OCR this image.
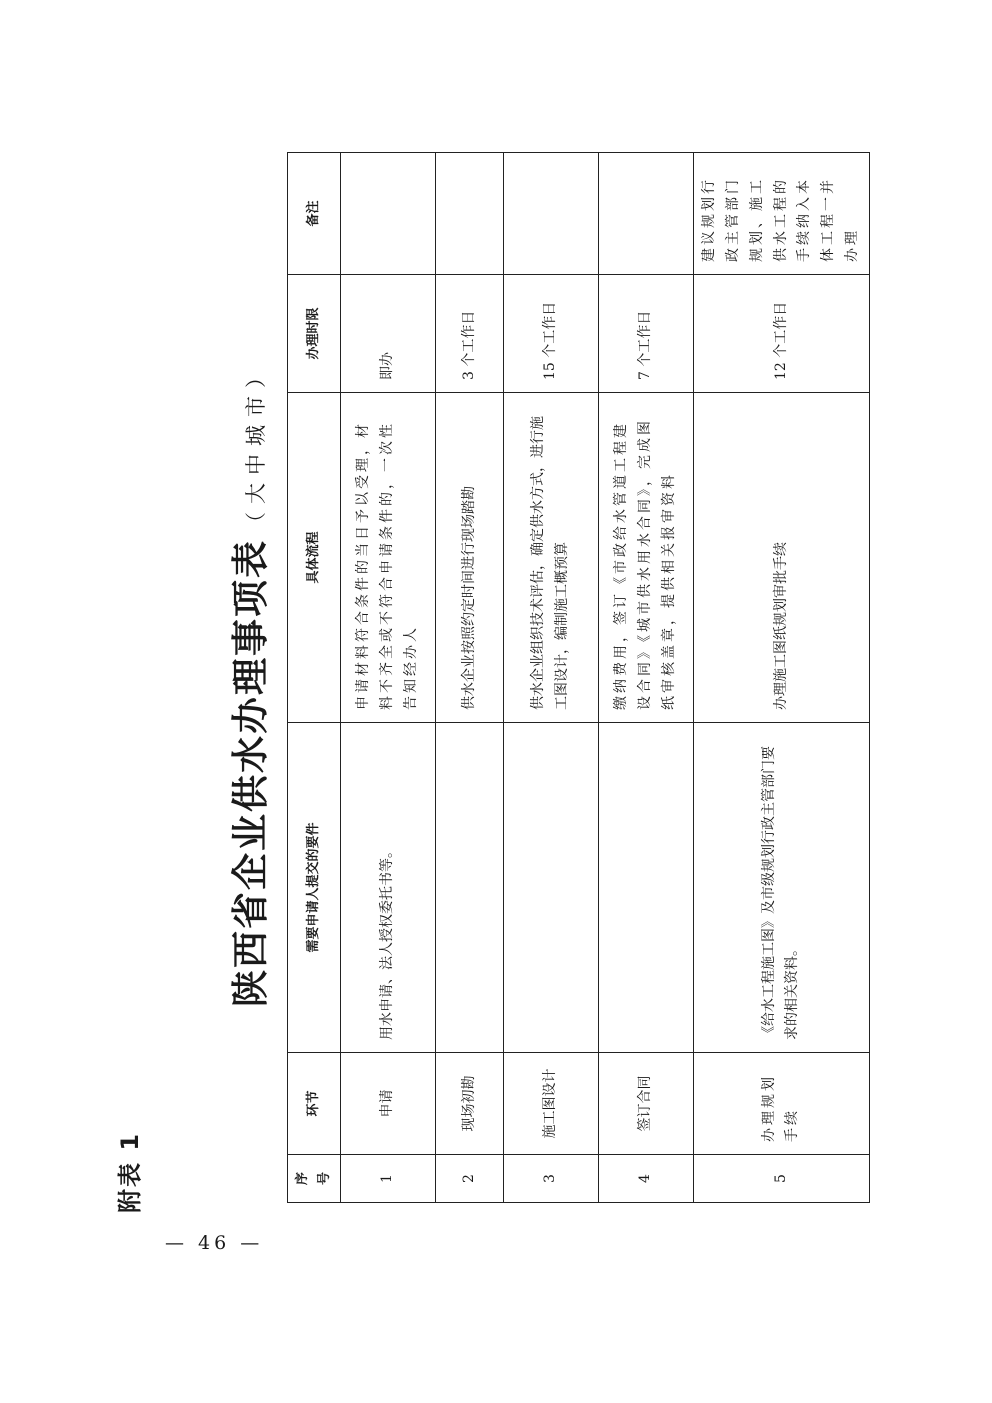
附表 1
陕西省企业供水办理事项表（大中城市）
序号	环节	需要申请人提交的要件	具体流程	办理时限	备注
1	申请	用水申请、法人授权委托书等。	申请材料符合条件的当日予以受理，材料不齐全或不符合申请条件的，一次性告知经办人	即办	
2	现场初勘		供水企业按照约定时间进行现场踏勘	3 个工作日	
3	施工图设计		供水企业组织技术评估，确定供水方式，进行施工图设计，编制施工概预算	15 个工作日	
4	签订合同		缴纳费用，签订《市政给水管道工程建设合同》《城市供水用水合同》，完成图纸审核盖章，提供相关报审资料	7 个工作日	
5	办理规划手续	《给水工程施工图》及市级规划行政主管部门要求的相关资料。	办理施工图纸规划审批手续	12 个工作日	建议规划行政主管部门规划、施工供水工程的手续纳入本体工程一并办理
— 46 —
